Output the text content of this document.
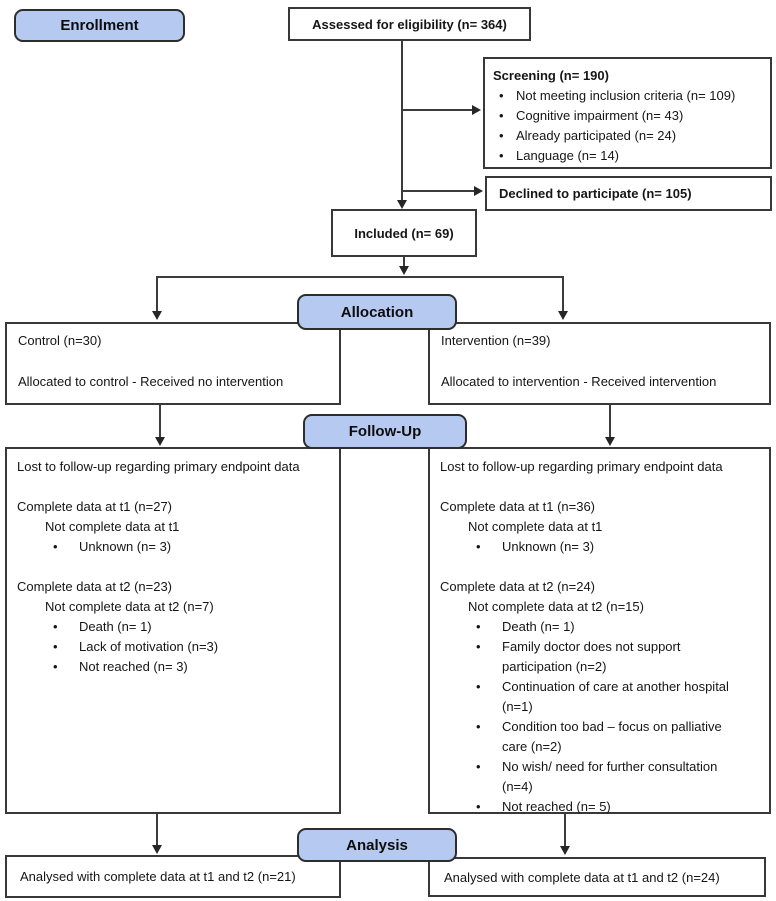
Enrollment
Allocation
Follow-Up
Analysis
Assessed for eligibility (n= 364)
Screening (n= 190)
• Not meeting inclusion criteria (n= 109)
• Cognitive impairment (n= 43)
• Already participated (n= 24)
• Language (n= 14)
Declined to participate (n= 105)
Included (n= 69)
Control (n=30)
Allocated to control - Received no intervention
Intervention (n=39)
Allocated to intervention - Received intervention
Lost to follow-up regarding primary endpoint data
Complete data at t1 (n=27)
Not complete data at t1
•	Unknown (n= 3)
Complete data at t2 (n=23)
Not complete data at t2 (n=7)
•	Death (n= 1)
•	Lack of motivation (n=3)
•	Not reached (n= 3)
Lost to follow-up regarding primary endpoint data
Complete data at t1 (n=36)
Not complete data at t1
•	Unknown (n= 3)
Complete data at t2 (n=24)
Not complete data at t2 (n=15)
•	Death (n= 1)
•	Family doctor does not support participation (n=2)
•	Continuation of care at another hospital (n=1)
•	Condition too bad – focus on palliative care (n=2)
•	No wish/ need for further consultation (n=4)
•	Not reached (n= 5)
Analysed with complete data at t1 and t2 (n=21)	Analysed with complete data at t1 and t2 (n=24)
